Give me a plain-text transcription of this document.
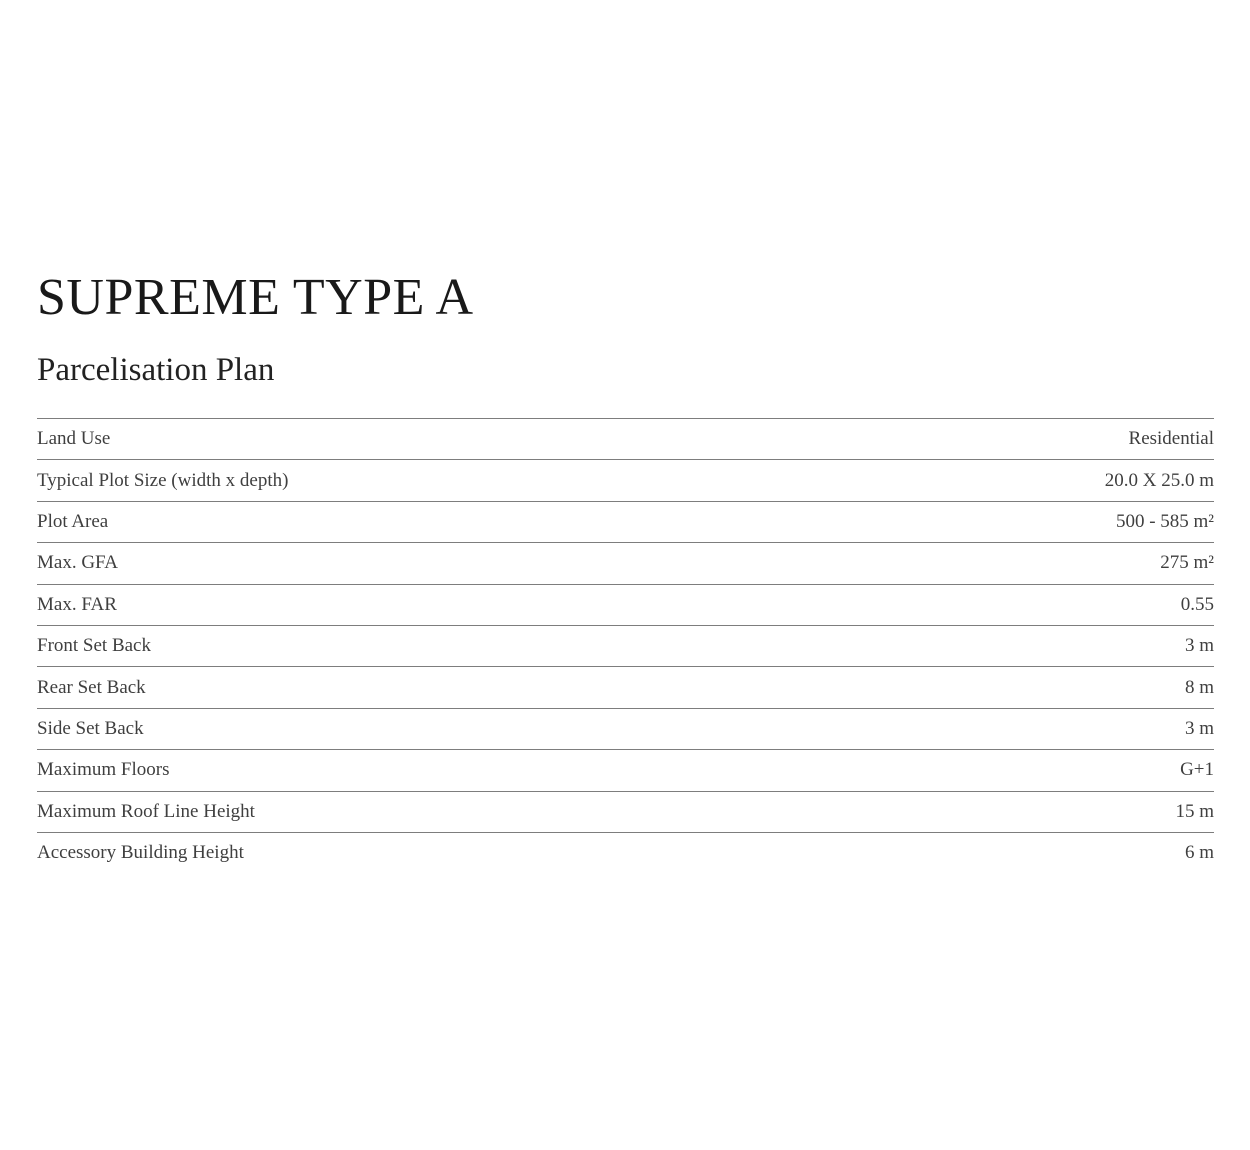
SUPREME TYPE A
Parcelisation Plan
Land Use	Residential
Typical Plot Size (width x depth)	20.0 X 25.0 m
Plot Area	500 - 585 m²
Max. GFA	275 m²
Max. FAR	0.55
Front Set Back	3 m
Rear Set Back	8 m
Side Set Back	3 m
Maximum Floors	G+1
Maximum Roof Line Height	15 m
Accessory Building Height	6 m
